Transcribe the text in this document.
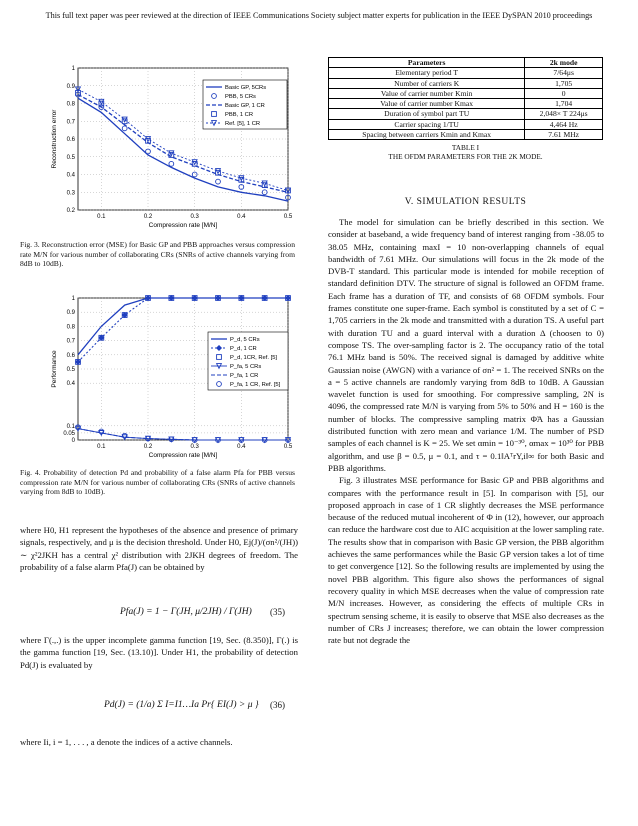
This full text paper was peer reviewed at the direction of IEEE Communications Society subject matter experts for publication in the IEEE DySPAN 2010 proceedings
0.1	0.2	0.3	0.4	0.5
0.2
0.3
0.4
0.5
0.6
0.7
0.8
0.9
1
Compression rate [M/N]
Reconstruction error
Basic GP, 5CRs
PBB, 5 CRs
Basic GP, 1 CR
PBB, 1 CR
Ref. [5], 1 CR
Fig. 3. Reconstruction error (MSE) for Basic GP and PBB approaches versus compression rate M/N for various number of collaborating CRs (SNRs of active channels varying from 8dB to 10dB).
0.1	0.2	0.3	0.4	0.5
0
0.05
0.1
0.4
0.5
0.6
0.7
0.8
0.9
1
Compression rate [M/N]
Performance
P_d, 5 CRs
P_d, 1 CR
P_d, 1CR, Ref. [5]
P_fa, 5 CRs
P_fa, 1 CR
P_fa, 1 CR, Ref. [5]
Fig. 4. Probability of detection Pd and probability of a false alarm Pfa for PBB versus compression rate M/N for various number of collaborating CRs (SNRs of active channels varying from 8dB to 10dB).

where H0, H1 represent the hypotheses of the absence and presence of primary signals, respectively, and μ is the decision threshold. Under H0, Ej(J)/(σn²/(JH)) ∼ χ²2JKH has a central χ² distribution with 2JKH degrees of freedom. The probability of a false alarm Pfa(J) can be obtained by

Pfa(J) = 1 − Γ(JH, μ/2JH) / Γ(JH) (35)

where Γ(.,.) is the upper incomplete gamma function [19, Sec. (8.350)], Γ(.) is the gamma function [19, Sec. (13.10)]. Under H1, the probability of detection Pd(J) is evaluated by

Pd(J) = (1/a) Σ I=I1…Ia Pr{ EI(J) > μ } (36)

where Ii, i = 1, . . . , a denote the indices of a active channels.

Parameters	2k mode
Elementary period T	7/64μs
Number of carriers K	1,705
Value of carrier number Kmin	0
Value of carrier number Kmax	1,704
Duration of symbol part TU	2,048× T 224μs
Carrier spacing 1/TU	4,464 Hz
Spacing between carriers Kmin and Kmax	7.61 MHz
TABLE I
THE OFDM PARAMETERS FOR THE 2K MODE.
V. SIMULATION RESULTS

The model for simulation can be briefly described in this section. We consider at baseband, a wide frequency band of interest ranging from -38.05 to 38.05 MHz, containing maxI = 10 non-overlapping channels of equal bandwidth of 7.61 MHz. Our simulations will focus in the 2k mode of the DVB-T standard. This particular mode is intended for mobile reception of standard definition DTV. The structure of signal is followed an OFDM frame. Each frame has a duration of TF, and consists of 68 OFDM symbols. Four frames constitute one super-frame. Each symbol is constituted by a set of C = 1,705 carriers in the 2k mode and transmitted with a duration TS. A useful part with duration TU and a guard interval with a duration Δ (choosen to 0) compose TS. The over-sampling factor is 2. The occupancy ratio of the total 76.1 MHz band is 50%. The received signal is damaged by additive white Gaussian noise (AWGN) with a variance of σn² = 1. The received SNRs on the a = 5 active channels are randomly varying from 8dB to 10dB. A Gaussian wavelet function is used for smoothing. For compressive sampling, 2N is 4096, the compressed rate M/N is varying from 5% to 50% and H = 160 is the number of blocks. The compressive sampling matrix Φ̃A has a Gaussian distributed function with zero mean and variance 1/M. The number of PSD samples of each channel is K = 25. We set αmin = 10⁻³⁰, αmax = 10³⁰ for PBB algorithm, and use β = 0.5, μ = 0.1, and τ = 0.1‖AᵀrY,i‖∞ for both Basic and PBB algorithms.

Fig. 3 illustrates MSE performance for Basic GP and PBB algorithms and compares with the performance result in [5]. In comparison with [5], our proposed approach in case of 1 CR slightly decreases the MSE performance because of the reduced mutual incoherent of Φ in (12), however, our approach can reduce the hardware cost due to AIC acquisition at the lower sampling rate. The results show that in comparison with Basic GP version, the PBB algorithm achieves the same performances while the Basic GP version takes a lot of time to get convergence [12]. So the following results are implemented by using the novel PBB algorithm. This figure also shows the performances of signal recovery quality in which MSE decreases when the value of compression rate M/N increases. However, as considering the effects of multiple CRs in spectrum sensing scheme, it is easily to observe that MSE also decreases as the number of CRs J increases; therefore, we can obtain the lower compression rate but not degrade the
